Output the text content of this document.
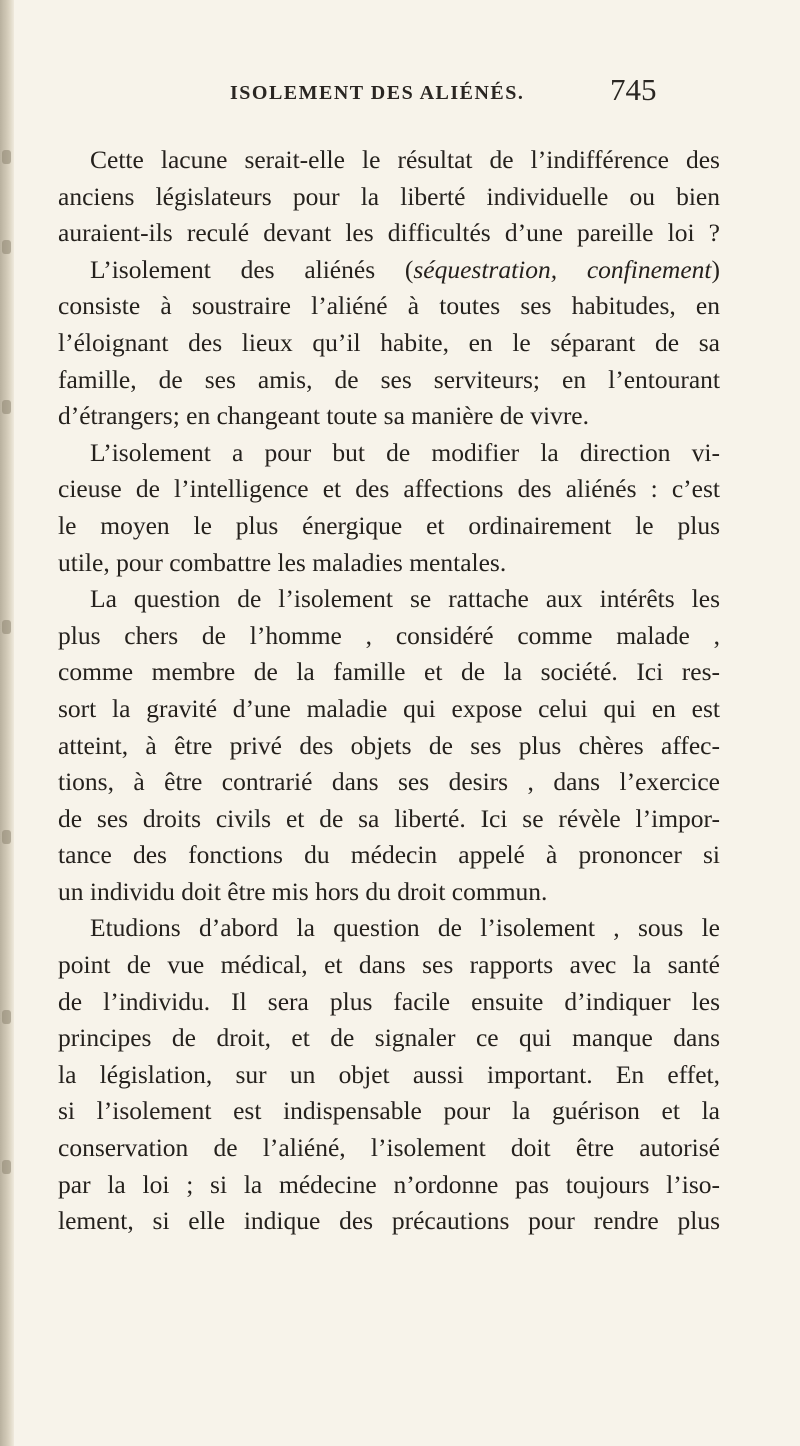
ISOLEMENT DES ALIÉNÉS.	745
Cette lacune serait-elle le résultat de l’indifférence des
anciens législateurs pour la liberté individuelle ou bien
auraient-ils reculé devant les difficultés d’une pareille loi ?
L’isolement des aliénés (séquestration, confinement)
consiste à soustraire l’aliéné à toutes ses habitudes, en
l’éloignant des lieux qu’il habite, en le séparant de sa
famille, de ses amis, de ses serviteurs; en l’entourant
d’étrangers; en changeant toute sa manière de vivre.
L’isolement a pour but de modifier la direction vi-
cieuse de l’intelligence et des affections des aliénés : c’est
le moyen le plus énergique et ordinairement le plus
utile, pour combattre les maladies mentales.
La question de l’isolement se rattache aux intérêts les
plus chers de l’homme , considéré comme malade ,
comme membre de la famille et de la société. Ici res-
sort la gravité d’une maladie qui expose celui qui en est
atteint, à être privé des objets de ses plus chères affec-
tions, à être contrarié dans ses desirs , dans l’exercice
de ses droits civils et de sa liberté. Ici se révèle l’impor-
tance des fonctions du médecin appelé à prononcer si
un individu doit être mis hors du droit commun.
Etudions d’abord la question de l’isolement , sous le
point de vue médical, et dans ses rapports avec la santé
de l’individu. Il sera plus facile ensuite d’indiquer les
principes de droit, et de signaler ce qui manque dans
la législation, sur un objet aussi important. En effet,
si l’isolement est indispensable pour la guérison et la
conservation de l’aliéné, l’isolement doit être autorisé
par la loi ; si la médecine n’ordonne pas toujours l’iso-
lement, si elle indique des précautions pour rendre plus
